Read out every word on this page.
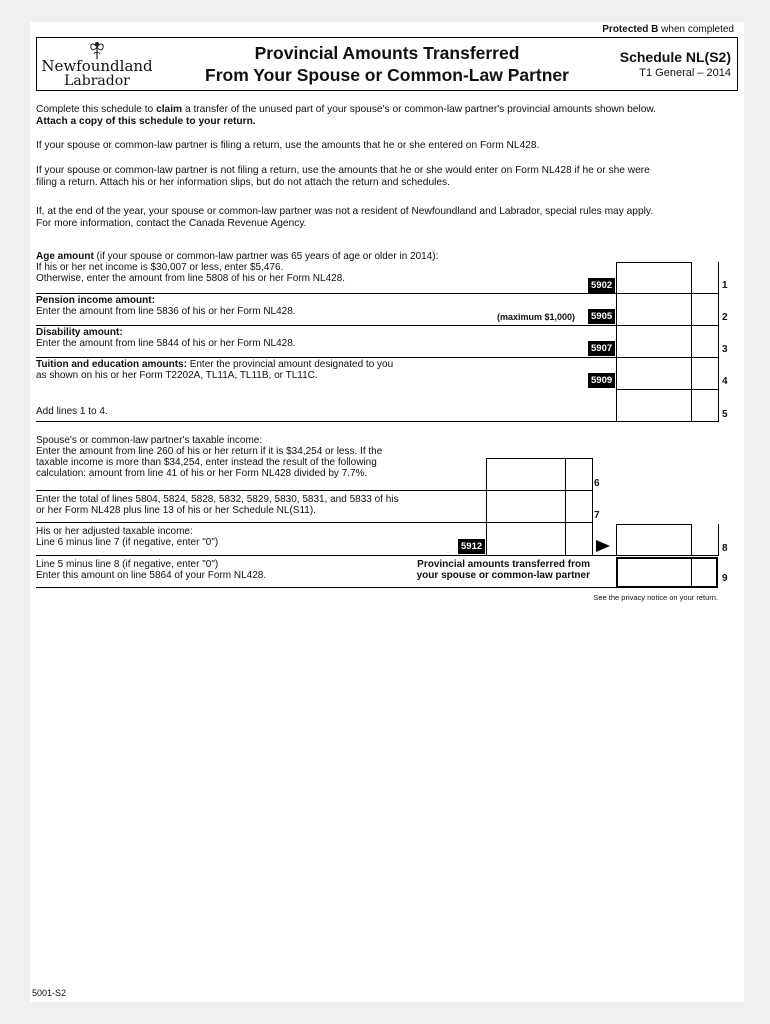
Protected B when completed
Newfoundland
Labrador
Provincial Amounts Transferred
From Your Spouse or Common-Law Partner
Schedule NL(S2)
T1 General – 2014
Complete this schedule to claim a transfer of the unused part of your spouse's or common-law partner's provincial amounts shown below.
Attach a copy of this schedule to your return.
If your spouse or common-law partner is filing a return, use the amounts that he or she entered on Form NL428.
If your spouse or common-law partner is not filing a return, use the amounts that he or she would enter on Form NL428 if he or she were
filing a return. Attach his or her information slips, but do not attach the return and schedules.
If, at the end of the year, your spouse or common-law partner was not a resident of Newfoundland and Labrador, special rules may apply.
For more information, contact the Canada Revenue Agency.
Age amount (if your spouse or common-law partner was 65 years of age or older in 2014):
If his or her net income is $30,007 or less, enter $5,476.
Otherwise, enter the amount from line 5808 of his or her Form NL428.
5902	1
Pension income amount:
Enter the amount from line 5836 of his or her Form NL428.	(maximum $1,000)	5905	2
Disability amount:
Enter the amount from line 5844 of his or her Form NL428.	5907	3
Tuition and education amounts: Enter the provincial amount designated to you
as shown on his or her Form T2202A, TL11A, TL11B, or TL11C.	5909	4
Add lines 1 to 4.	5
Spouse's or common-law partner's taxable income:
Enter the amount from line 260 of his or her return if it is $34,254 or less. If the
taxable income is more than $34,254, enter instead the result of the following
calculation: amount from line 41 of his or her Form NL428 divided by 7.7%.
6
Enter the total of lines 5804, 5824, 5828, 5832, 5829, 5830, 5831, and 5833 of his
or her Form NL428 plus line 13 of his or her Schedule NL(S11).	7
His or her adjusted taxable income:
Line 6 minus line 7 (if negative, enter "0")	5912	8
Line 5 minus line 8 (if negative, enter "0")
Enter this amount on line 5864 of your Form NL428.
Provincial amounts transferred from
your spouse or common-law partner	9
See the privacy notice on your return.
5001-S2
